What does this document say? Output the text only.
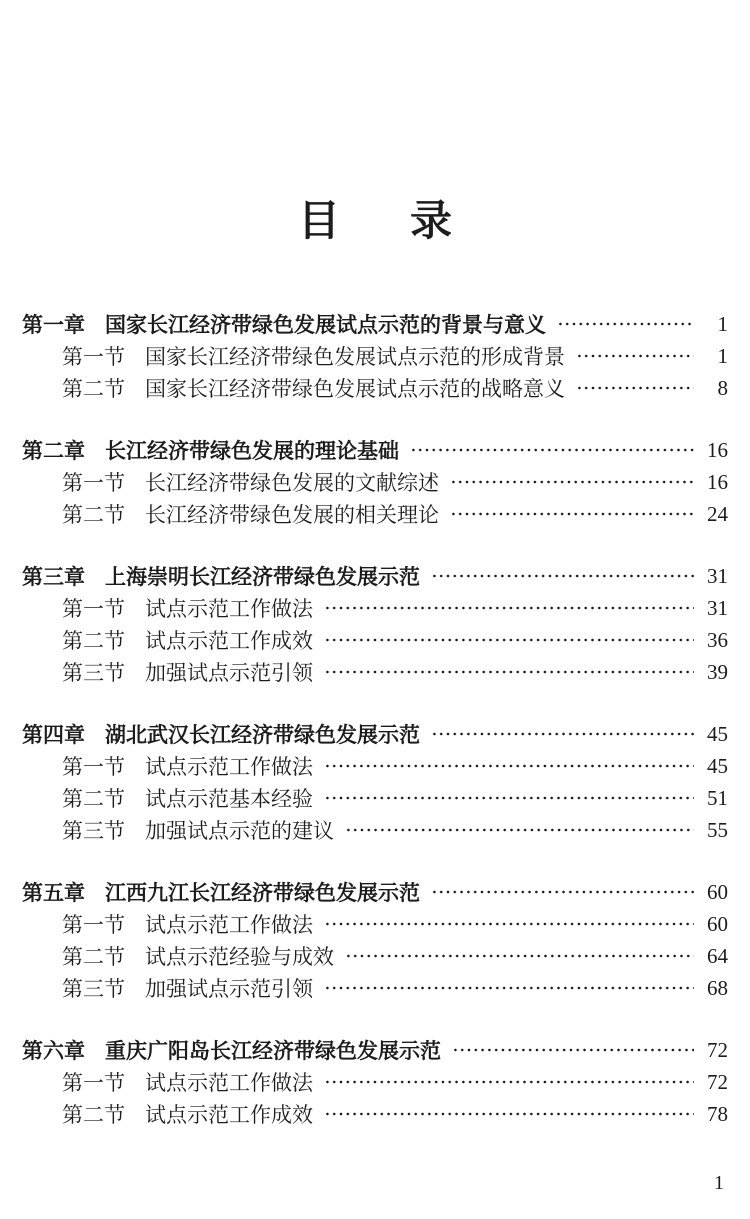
目 录
第一章 国家长江经济带绿色发展试点示范的背景与意义	1
第一节 国家长江经济带绿色发展试点示范的形成背景	1
第二节 国家长江经济带绿色发展试点示范的战略意义	8
第二章 长江经济带绿色发展的理论基础	16
第一节 长江经济带绿色发展的文献综述	16
第二节 长江经济带绿色发展的相关理论	24
第三章 上海崇明长江经济带绿色发展示范	31
第一节 试点示范工作做法	31
第二节 试点示范工作成效	36
第三节 加强试点示范引领	39
第四章 湖北武汉长江经济带绿色发展示范	45
第一节 试点示范工作做法	45
第二节 试点示范基本经验	51
第三节 加强试点示范的建议	55
第五章 江西九江长江经济带绿色发展示范	60
第一节 试点示范工作做法	60
第二节 试点示范经验与成效	64
第三节 加强试点示范引领	68
第六章 重庆广阳岛长江经济带绿色发展示范	72
第一节 试点示范工作做法	72
第二节 试点示范工作成效	78
1
